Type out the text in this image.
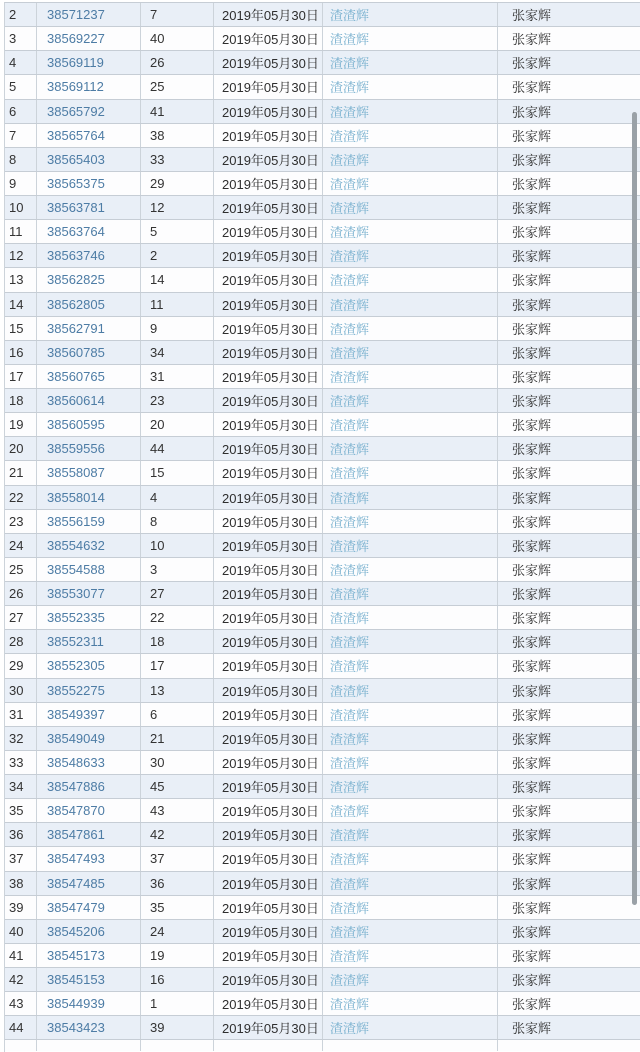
2	38571237	7	2019年05月30日 渣渣辉	张家辉
3	38569227	40	2019年05月30日 渣渣辉	张家辉
4	38569119	26	2019年05月30日 渣渣辉	张家辉
5	38569112	25	2019年05月30日 渣渣辉	张家辉
6	38565792	41	2019年05月30日 渣渣辉	张家辉
7	38565764	38	2019年05月30日 渣渣辉	张家辉
8	38565403	33	2019年05月30日 渣渣辉	张家辉
9	38565375	29	2019年05月30日 渣渣辉	张家辉
10	38563781	12	2019年05月30日 渣渣辉	张家辉
11	38563764	5	2019年05月30日 渣渣辉	张家辉
12	38563746	2	2019年05月30日 渣渣辉	张家辉
13	38562825	14	2019年05月30日 渣渣辉	张家辉
14	38562805	11	2019年05月30日 渣渣辉	张家辉
15	38562791	9	2019年05月30日 渣渣辉	张家辉
16	38560785	34	2019年05月30日 渣渣辉	张家辉
17	38560765	31	2019年05月30日 渣渣辉	张家辉
18	38560614	23	2019年05月30日 渣渣辉	张家辉
19	38560595	20	2019年05月30日 渣渣辉	张家辉
20	38559556	44	2019年05月30日 渣渣辉	张家辉
21	38558087	15	2019年05月30日 渣渣辉	张家辉
22	38558014	4	2019年05月30日 渣渣辉	张家辉
23	38556159	8	2019年05月30日 渣渣辉	张家辉
24	38554632	10	2019年05月30日 渣渣辉	张家辉
25	38554588	3	2019年05月30日 渣渣辉	张家辉
26	38553077	27	2019年05月30日 渣渣辉	张家辉
27	38552335	22	2019年05月30日 渣渣辉	张家辉
28	38552311	18	2019年05月30日 渣渣辉	张家辉
29	38552305	17	2019年05月30日 渣渣辉	张家辉
30	38552275	13	2019年05月30日 渣渣辉	张家辉
31	38549397	6	2019年05月30日 渣渣辉	张家辉
32	38549049	21	2019年05月30日 渣渣辉	张家辉
33	38548633	30	2019年05月30日 渣渣辉	张家辉
34	38547886	45	2019年05月30日 渣渣辉	张家辉
35	38547870	43	2019年05月30日 渣渣辉	张家辉
36	38547861	42	2019年05月30日 渣渣辉	张家辉
37	38547493	37	2019年05月30日 渣渣辉	张家辉
38	38547485	36	2019年05月30日 渣渣辉	张家辉
39	38547479	35	2019年05月30日 渣渣辉	张家辉
40	38545206	24	2019年05月30日 渣渣辉	张家辉
41	38545173	19	2019年05月30日 渣渣辉	张家辉
42	38545153	16	2019年05月30日 渣渣辉	张家辉
43	38544939	1	2019年05月30日 渣渣辉	张家辉
44	38543423	39	2019年05月30日 渣渣辉	张家辉
